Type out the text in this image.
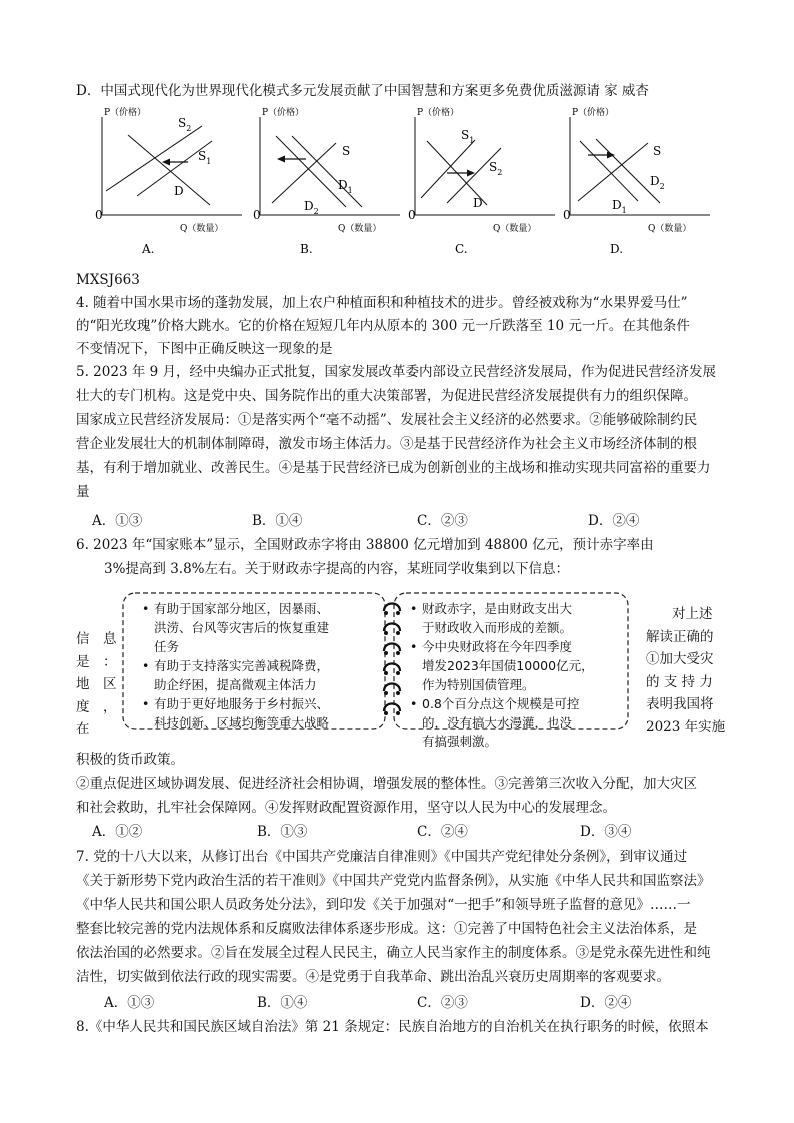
D．中国式现代化为世界现代化模式多元发展贡献了中国智慧和方案更多免费优质滋源请 家 威杏
P（价格）
Q（数量）
0
$S_2$
$S_1$
D
A.
P（价格）
Q（数量）
0
S
$D_1$
$D_2$
B.
P（价格）
Q（数量）
0
$S_1$
$S_2$
D
C.
P（价格）
Q（数量）
0
S
$D_2$
$D_1$
D.
MXSJ663
4. 随着中国水果市场的蓬勃发展，加上农户种植面积和种植技术的进步。曾经被戏称为“水果界爱马仕”
的“阳光玫瑰”价格大跳水。它的价格在短短几年内从原本的 300 元一斤跌落至 10 元一斤。在其他条件
不变情况下，下图中正确反映这一现象的是
5. 2023 年 9 月，经中央编办正式批复，国家发展改革委内部设立民营经济发展局，作为促进民营经济发展
壮大的专门机构。这是党中央、国务院作出的重大决策部署，为促进民营经济发展提供有力的组织保障。
国家成立民营经济发展局：①是落实两个“毫不动摇”、发展社会主义经济的必然要求。②能够破除制约民
营企业发展壮大的机制体制障碍，激发市场主体活力。③是基于民营经济作为社会主义市场经济体制的根
基，有利于增加就业、改善民生。④是基于民营经济已成为创新创业的主战场和推动实现共同富裕的重要力
量
A．①③	B．①④	C．②③	D．②④
6. 2023 年“国家账本”显示，全国财政赤字将由 38800 亿元增加到 48800 亿元，预计赤字率由
3%提高到 3.8%左右。关于财政赤字提高的内容，某班同学收集到以下信息：
信　息
是　：
地　区
度　，
在
对上述
解读正确的
①加大受灾
的 支 持 力
表明我国将
2023 年实施
• 有助于国家部分地区，因暴雨、
洪涝、台风等灾害后的恢复重建
任务
• 有助于支持落实完善减税降费，
助企纾困，提高微观主体活力
• 有助于更好地服务于乡村振兴、
科技创新、区域均衡等重大战略
• 财政赤字，是由财政支出大
于财政收入而形成的差额。
• 今中央财政将在今年四季度
增发2023年国债10000亿元，
作为特别国债管理。
• 0.8个百分点这个规模是可控
的，没有搞大水漫灌，也没
有搞强刺激。
积极的货币政策。
②重点促进区域协调发展、促进经济社会相协调，增强发展的整体性。③完善第三次收入分配，加大灾区
和社会救助，扎牢社会保障网。④发挥财政配置资源作用，坚守以人民为中心的发展理念。
A．①②	B．①③	C．②④	D．③④
7. 党的十八大以来，从修订出台《中国共产党廉洁自律准则》《中国共产党纪律处分条例》，到审议通过
《关于新形势下党内政治生活的若干准则》《中国共产党党内监督条例》，从实施《中华人民共和国监察法》
《中华人民共和国公职人员政务处分法》，到印发《关于加强对“一把手”和领导班子监督的意见》……一
整套比较完善的党内法规体系和反腐败法律体系逐步形成。这：①完善了中国特色社会主义法治体系，是
依法治国的必然要求。②旨在发展全过程人民民主，确立人民当家作主的制度体系。③是党永葆先进性和纯
洁性，切实做到依法行政的现实需要。④是党勇于自我革命、跳出治乱兴衰历史周期率的客观要求。
A．①③	B．①④	C．②③	D．②④
8.《中华人民共和国民族区域自治法》第 21 条规定：民族自治地方的自治机关在执行职务的时候，依照本
